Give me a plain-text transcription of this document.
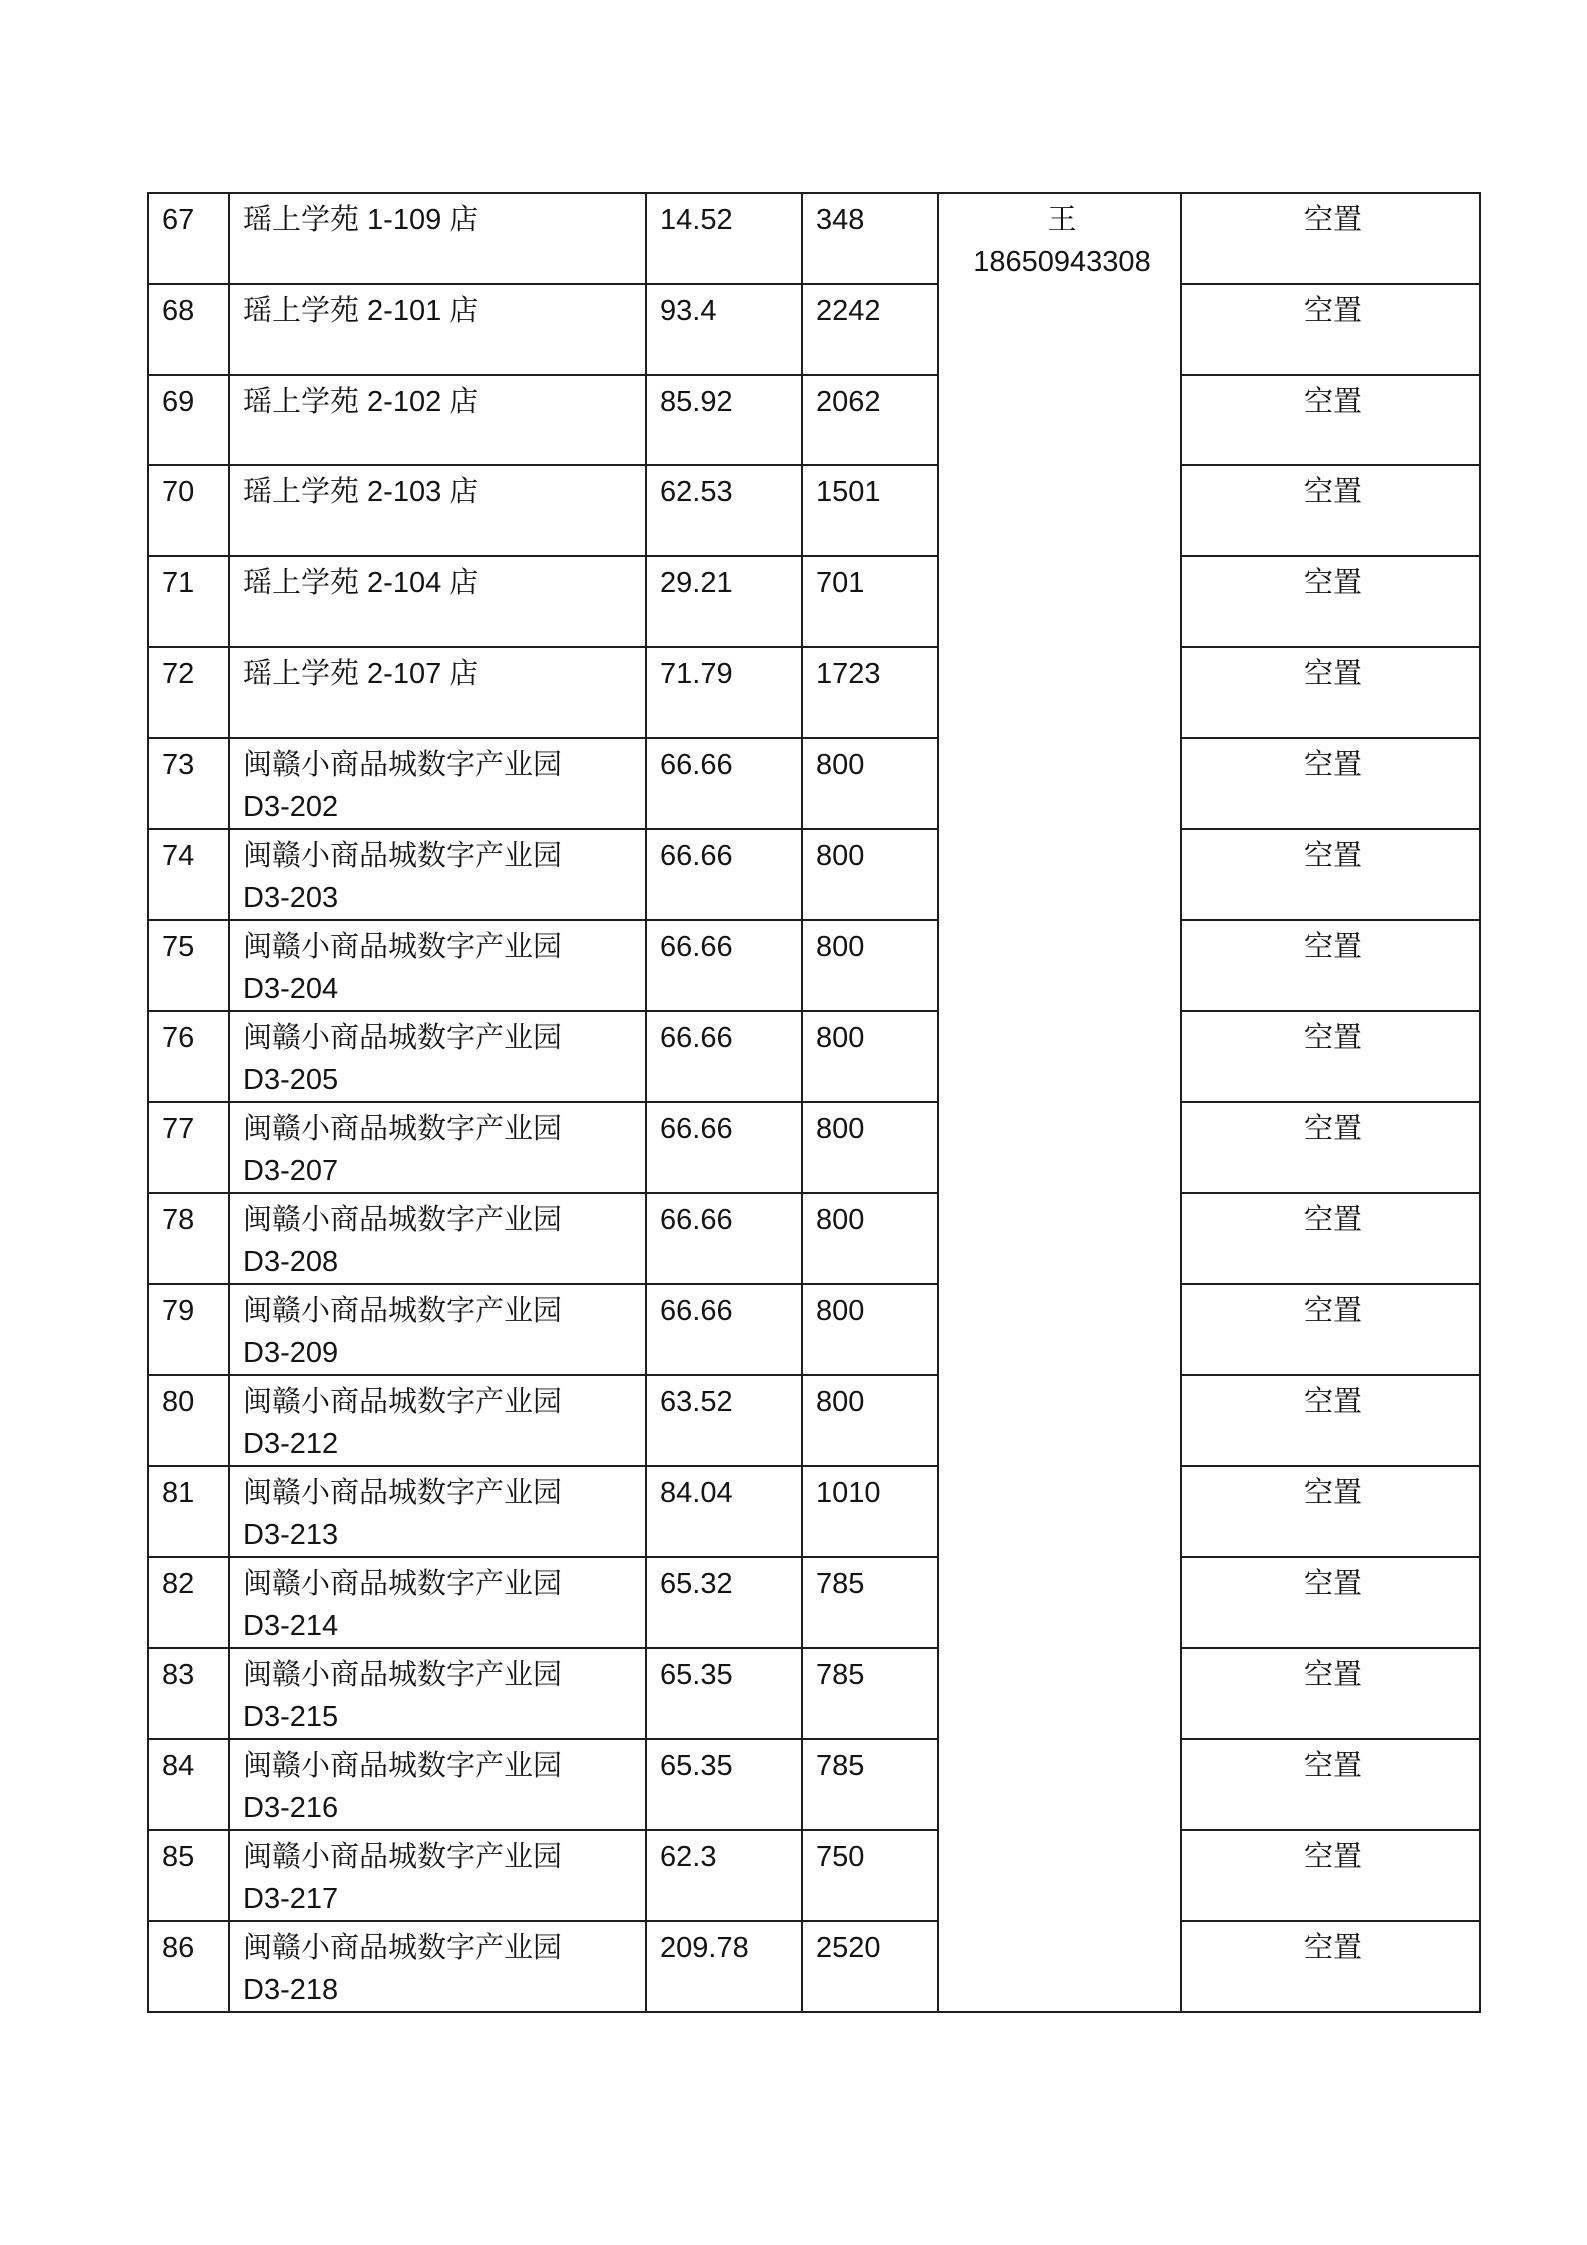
67	瑶上学苑 1-109 店	14.52	348	王
18650943308	空置
68	瑶上学苑 2-101 店	93.4	2242		空置
69	瑶上学苑 2-102 店	85.92	2062		空置
70	瑶上学苑 2-103 店	62.53	1501		空置
71	瑶上学苑 2-104 店	29.21	701		空置
72	瑶上学苑 2-107 店	71.79	1723		空置
73	闽赣小商品城数字产业园
D3-202	66.66	800		空置
74	闽赣小商品城数字产业园
D3-203	66.66	800		空置
75	闽赣小商品城数字产业园
D3-204	66.66	800		空置
76	闽赣小商品城数字产业园
D3-205	66.66	800		空置
77	闽赣小商品城数字产业园
D3-207	66.66	800		空置
78	闽赣小商品城数字产业园
D3-208	66.66	800		空置
79	闽赣小商品城数字产业园
D3-209	66.66	800		空置
80	闽赣小商品城数字产业园
D3-212	63.52	800		空置
81	闽赣小商品城数字产业园
D3-213	84.04	1010		空置
82	闽赣小商品城数字产业园
D3-214	65.32	785		空置
83	闽赣小商品城数字产业园
D3-215	65.35	785		空置
84	闽赣小商品城数字产业园
D3-216	65.35	785		空置
85	闽赣小商品城数字产业园
D3-217	62.3	750		空置
86	闽赣小商品城数字产业园
D3-218	209.78	2520		空置
